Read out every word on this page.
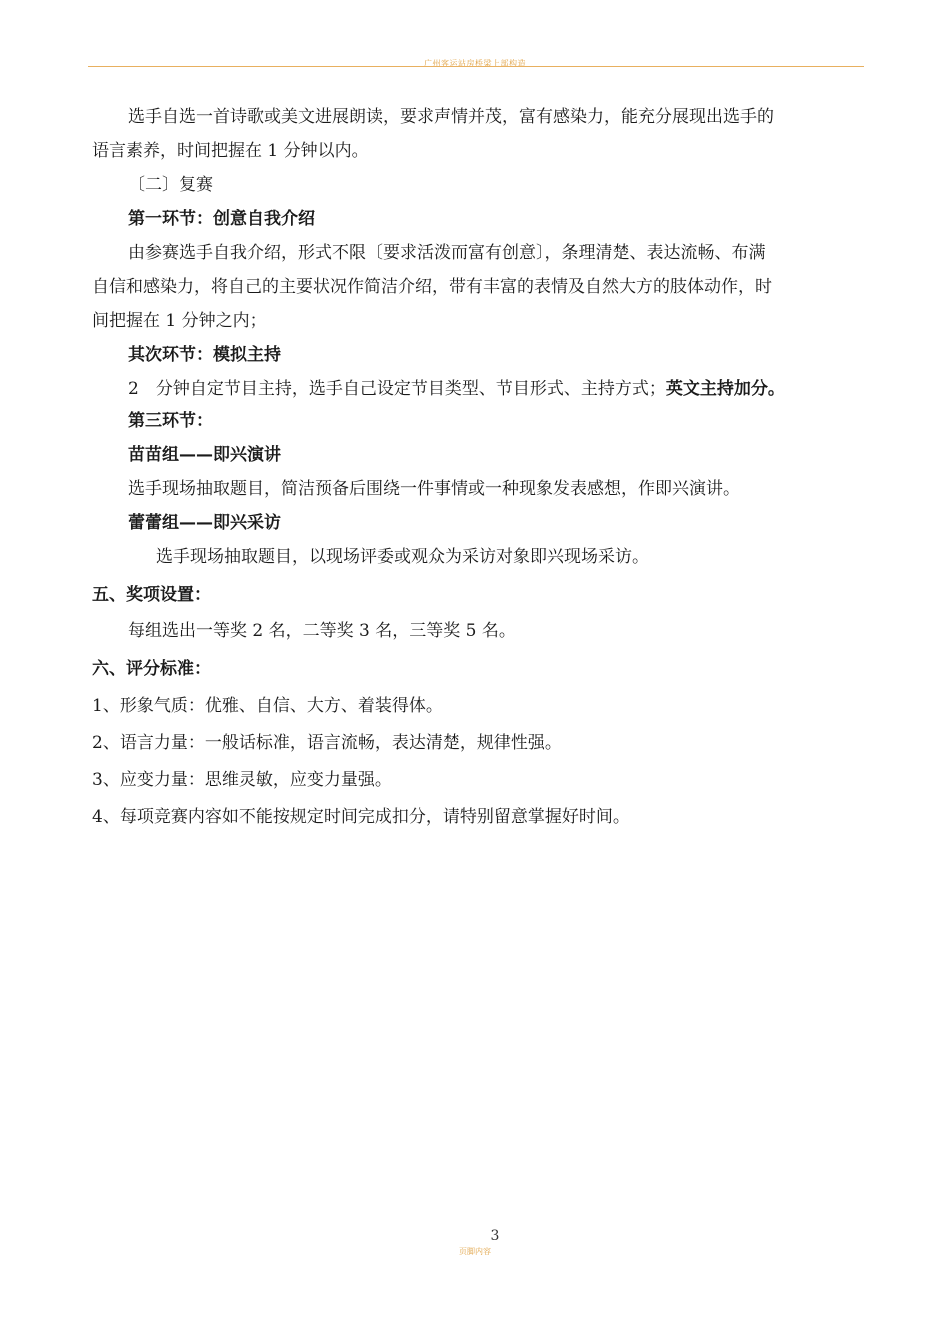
广州客运站房桥梁上部构造
选手自选一首诗歌或美文进展朗读，要求声情并茂，富有感染力，能充分展现出选手的
语言素养，时间把握在 1 分钟以内。
〔二〕复赛
第一环节：创意自我介绍
由参赛选手自我介绍，形式不限〔要求活泼而富有创意〕，条理清楚、表达流畅、布满
自信和感染力，将自己的主要状况作简洁介绍，带有丰富的表情及自然大方的肢体动作，时
间把握在 1 分钟之内；
其次环节：模拟主持
2　分钟自定节目主持，选手自己设定节目类型、节目形式、主持方式；英文主持加分。
第三环节：
苗苗组——即兴演讲
选手现场抽取题目，简洁预备后围绕一件事情或一种现象发表感想，作即兴演讲。
蕾蕾组——即兴采访
选手现场抽取题目，以现场评委或观众为采访对象即兴现场采访。
五、奖项设置：
每组选出一等奖 2 名，二等奖 3 名，三等奖 5 名。
六、评分标准：
1、形象气质：优雅、自信、大方、着装得体。
2、语言力量：一般话标准，语言流畅，表达清楚，规律性强。
3、应变力量：思维灵敏，应变力量强。
4、每项竞赛内容如不能按规定时间完成扣分，请特别留意掌握好时间。
3
页脚内容
